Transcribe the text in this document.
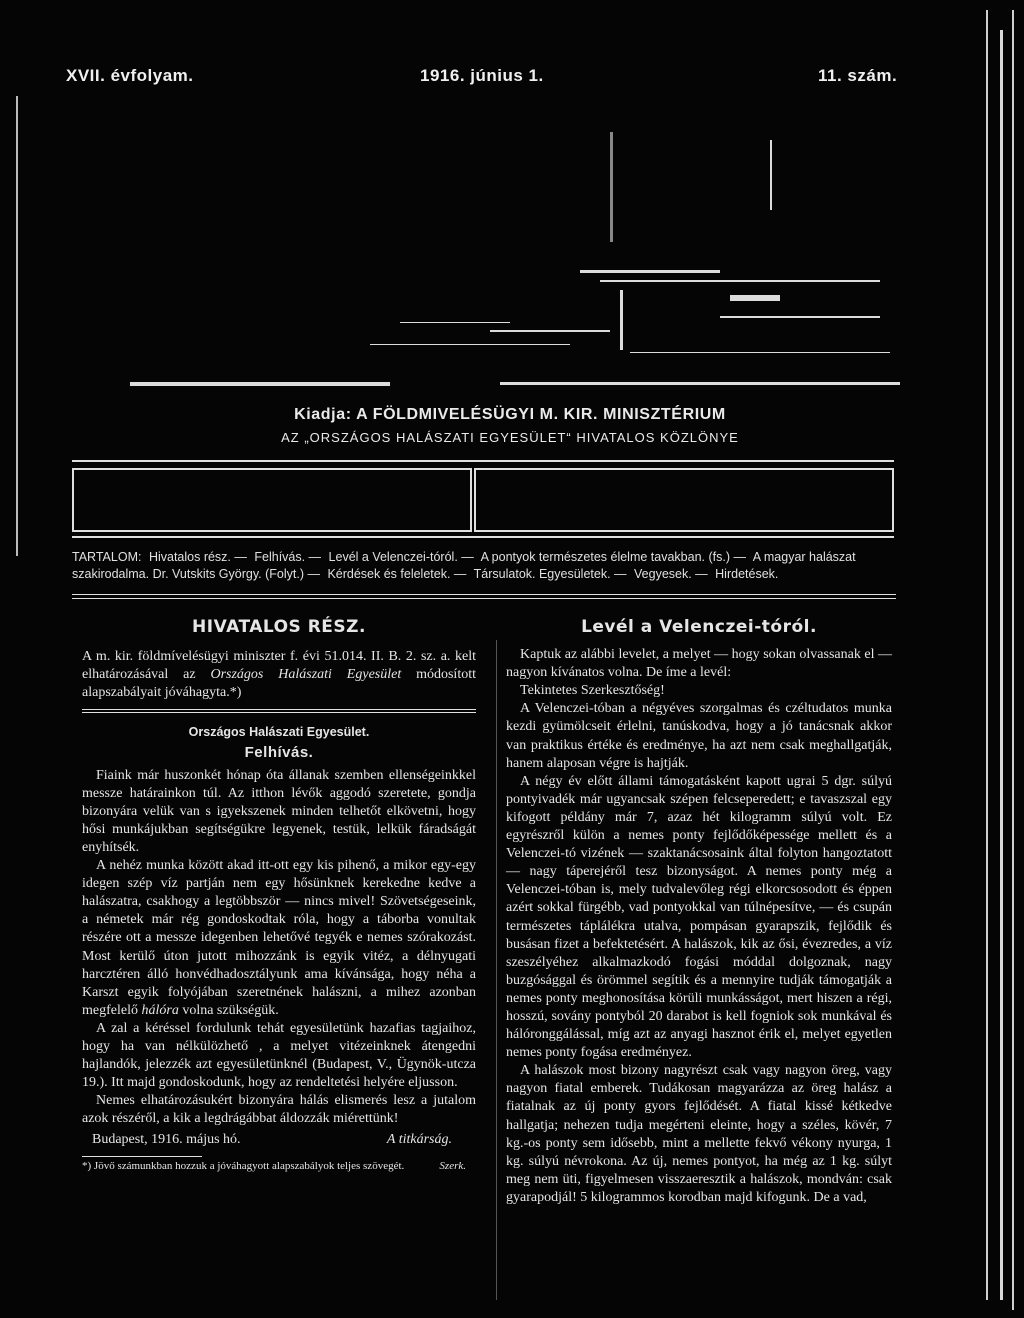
XVII. évfolyam.	1916. június 1.	11. szám.
Kiadja: A FÖLDMIVELÉSÜGYI M. KIR. MINISZTÉRIUM
AZ „ORSZÁGOS HALÁSZATI EGYESÜLET“ HIVATALOS KÖZLÖNYE
TARTALOM: Hivatalos rész. — Felhívás. — Levél a Velenczei-tóról. — A pontyok természetes élelme tavakban. (fs.) — A magyar halászat szakirodalma. Dr. Vutskits György. (Folyt.) — Kérdések és feleletek. — Társulatok. Egyesületek. — Vegyesek. — Hirdetések.
HIVATALOS RÉSZ.

A m. kir. földmívelésügyi miniszter f. évi 51.014. II. B. 2. sz. a. kelt elhatározásával az Országos Halászati Egyesület módosított alapszabályait jóváhagyta.*)

Országos Halászati Egyesület.
Felhívás.

Fiaink már huszonkét hónap óta állanak szemben ellenségeinkkel messze határainkon túl. Az itthon lévők aggodó szeretete, gondja bizonyára velük van s igyekszenek minden telhetőt elkövetni, hogy hősi munkájukban segítségükre legyenek, testük, lelkük fáradságát enyhítsék.

A nehéz munka között akad itt-ott egy kis pihenő, a mikor egy-egy idegen szép víz partján nem egy hősünknek kerekedne kedve a halászatra, csakhogy a legtöbbször — nincs mivel! Szövetségeseink, a németek már rég gondoskodtak róla, hogy a táborba vonultak részére ott a messze idegenben lehetővé tegyék e nemes szórakozást. Most kerülő úton jutott mihozzánk is egyik vitéz, a délnyugati harcztéren álló honvédhadosztályunk ama kívánsága, hogy néha a Karszt egyik folyójában szeretnének halászni, a mihez azonban megfelelő hálóra volna szükségük.

A zal a kéréssel fordulunk tehát egyesületünk hazafias tagjaihoz, hogy ha van nélkülözhető , a melyet vitézeinknek átengedni hajlandók, jelezzék azt egyesületünknél (Budapest, V., Ügynök-utcza 19.). Itt majd gondoskodunk, hogy az rendeltetési helyére eljusson.

Nemes elhatározásukért bizonyára hálás elismerés lesz a jutalom azok részéről, a kik a legdrágábbat áldozzák miérettünk!

Budapest, 1916. május hó.	A titkárság.

*) Jövő számunkban hozzuk a jóváhagyott alapszabályok teljes szövegét.	Szerk.

Levél a Velenczei-tóról.

Kaptuk az alábbi levelet, a melyet — hogy sokan olvassanak el — nagyon kívánatos volna. De íme a levél:

Tekintetes Szerkesztőség!

A Velenczei-tóban a négyéves szorgalmas és czéltudatos munka kezdi gyümölcseit érlelni, tanúskodva, hogy a jó tanácsnak akkor van praktikus értéke és eredménye, ha azt nem csak meghallgatják, hanem alaposan végre is hajtják.

A négy év előtt állami támogatásként kapott ugrai 5 dgr. súlyú pontyivadék már ugyancsak szépen felcseperedett; e tavaszszal egy kifogott példány már 7, azaz hét kilogramm súlyú volt. Ez egyrészről külön a nemes ponty fejlődőképessége mellett és a Velenczei-tó vizének — szaktanácsosaink által folyton hangoztatott — nagy táperejéről tesz bizonyságot. A nemes ponty még a Velenczei-tóban is, mely tudvalevőleg régi elkorcsosodott és éppen azért sokkal fürgébb, vad pontyokkal van túlnépesítve, — és csupán természetes táplálékra utalva, pompásan gyarapszik, fejlődik és busásan fizet a befektetésért. A halászok, kik az ősi, évezredes, a víz szeszélyéhez alkalmazkodó fogási móddal dolgoznak, nagy buzgósággal és örömmel segítik és a mennyire tudják támogatják a nemes ponty meghonosítása körüli munkásságot, mert hiszen a régi, hosszú, sovány pontyból 20 darabot is kell fogniok sok munkával és hálóronggálással, míg azt az anyagi hasznot érik el, melyet egyetlen nemes ponty fogása eredményez.

A halászok most bizony nagyrészt csak vagy nagyon öreg, vagy nagyon fiatal emberek. Tudákosan magyarázza az öreg halász a fiatalnak az új ponty gyors fejlődését. A fiatal kissé kétkedve hallgatja; nehezen tudja megérteni eleinte, hogy a széles, kövér, 7 kg.-os ponty sem idősebb, mint a mellette fekvő vékony nyurga, 1 kg. súlyú névrokona. Az új, nemes pontyot, ha még az 1 kg. súlyt meg nem üti, figyelmesen visszaeresztik a halászok, mondván: csak gyarapodjál! 5 kilogrammos korodban majd kifogunk. De a vad,
